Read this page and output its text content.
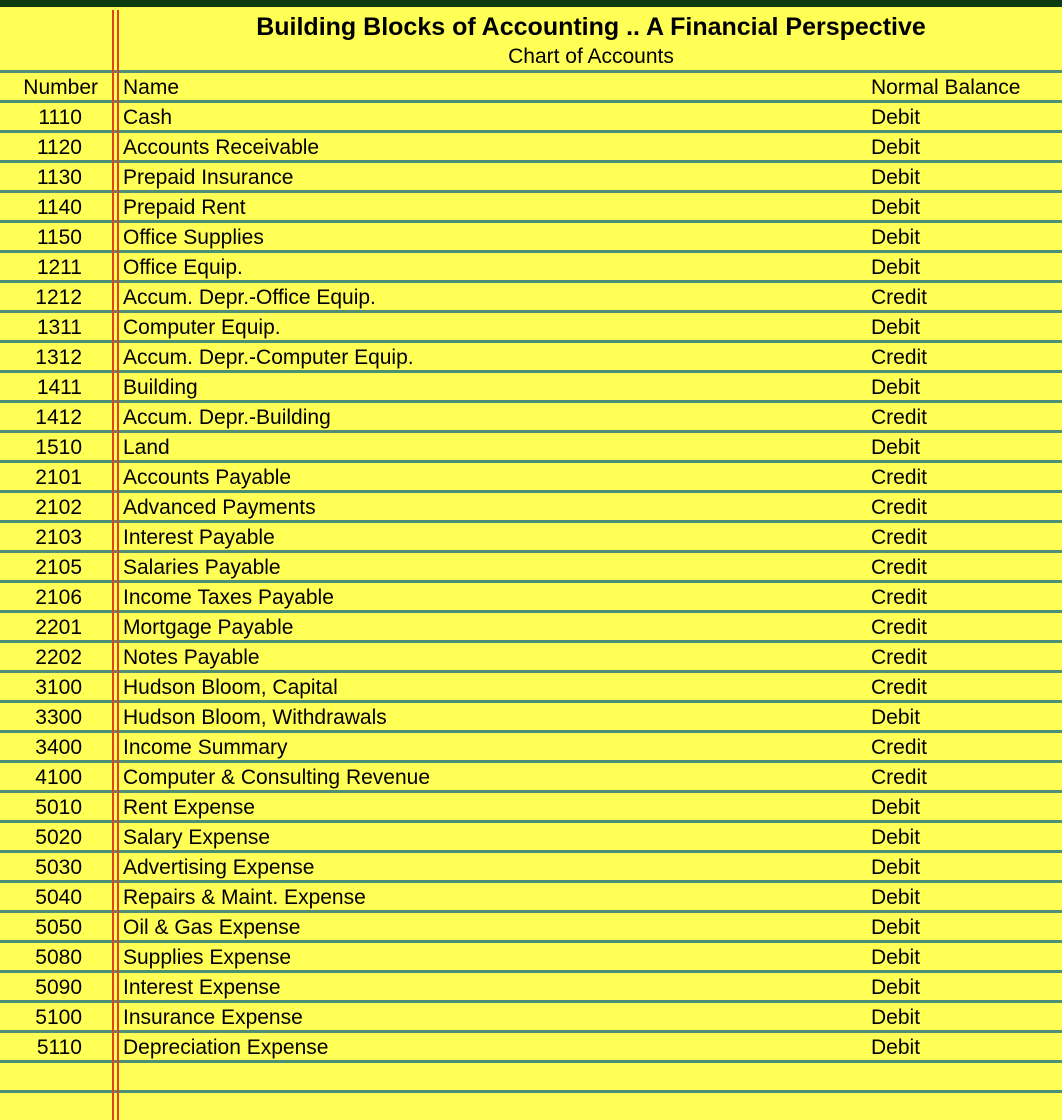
Building Blocks of Accounting .. A Financial Perspective
Chart of Accounts
Number Name	Normal Balance
1110 Cash	Debit
1120 Accounts Receivable	Debit
1130 Prepaid Insurance	Debit
1140 Prepaid Rent	Debit
1150 Office Supplies	Debit
1211 Office Equip.	Debit
1212 Accum. Depr.-Office Equip.	Credit
1311 Computer Equip.	Debit
1312 Accum. Depr.-Computer Equip.	Credit
1411 Building	Debit
1412 Accum. Depr.-Building	Credit
1510 Land	Debit
2101 Accounts Payable	Credit
2102 Advanced Payments	Credit
2103 Interest Payable	Credit
2105 Salaries Payable	Credit
2106 Income Taxes Payable	Credit
2201 Mortgage Payable	Credit
2202 Notes Payable	Credit
3100 Hudson Bloom, Capital	Credit
3300 Hudson Bloom, Withdrawals	Debit
3400 Income Summary	Credit
4100 Computer & Consulting Revenue	Credit
5010 Rent Expense	Debit
5020 Salary Expense	Debit
5030 Advertising Expense	Debit
5040 Repairs & Maint. Expense	Debit
5050 Oil & Gas Expense	Debit
5080 Supplies Expense	Debit
5090 Interest Expense	Debit
5100 Insurance Expense	Debit
5110 Depreciation Expense	Debit
